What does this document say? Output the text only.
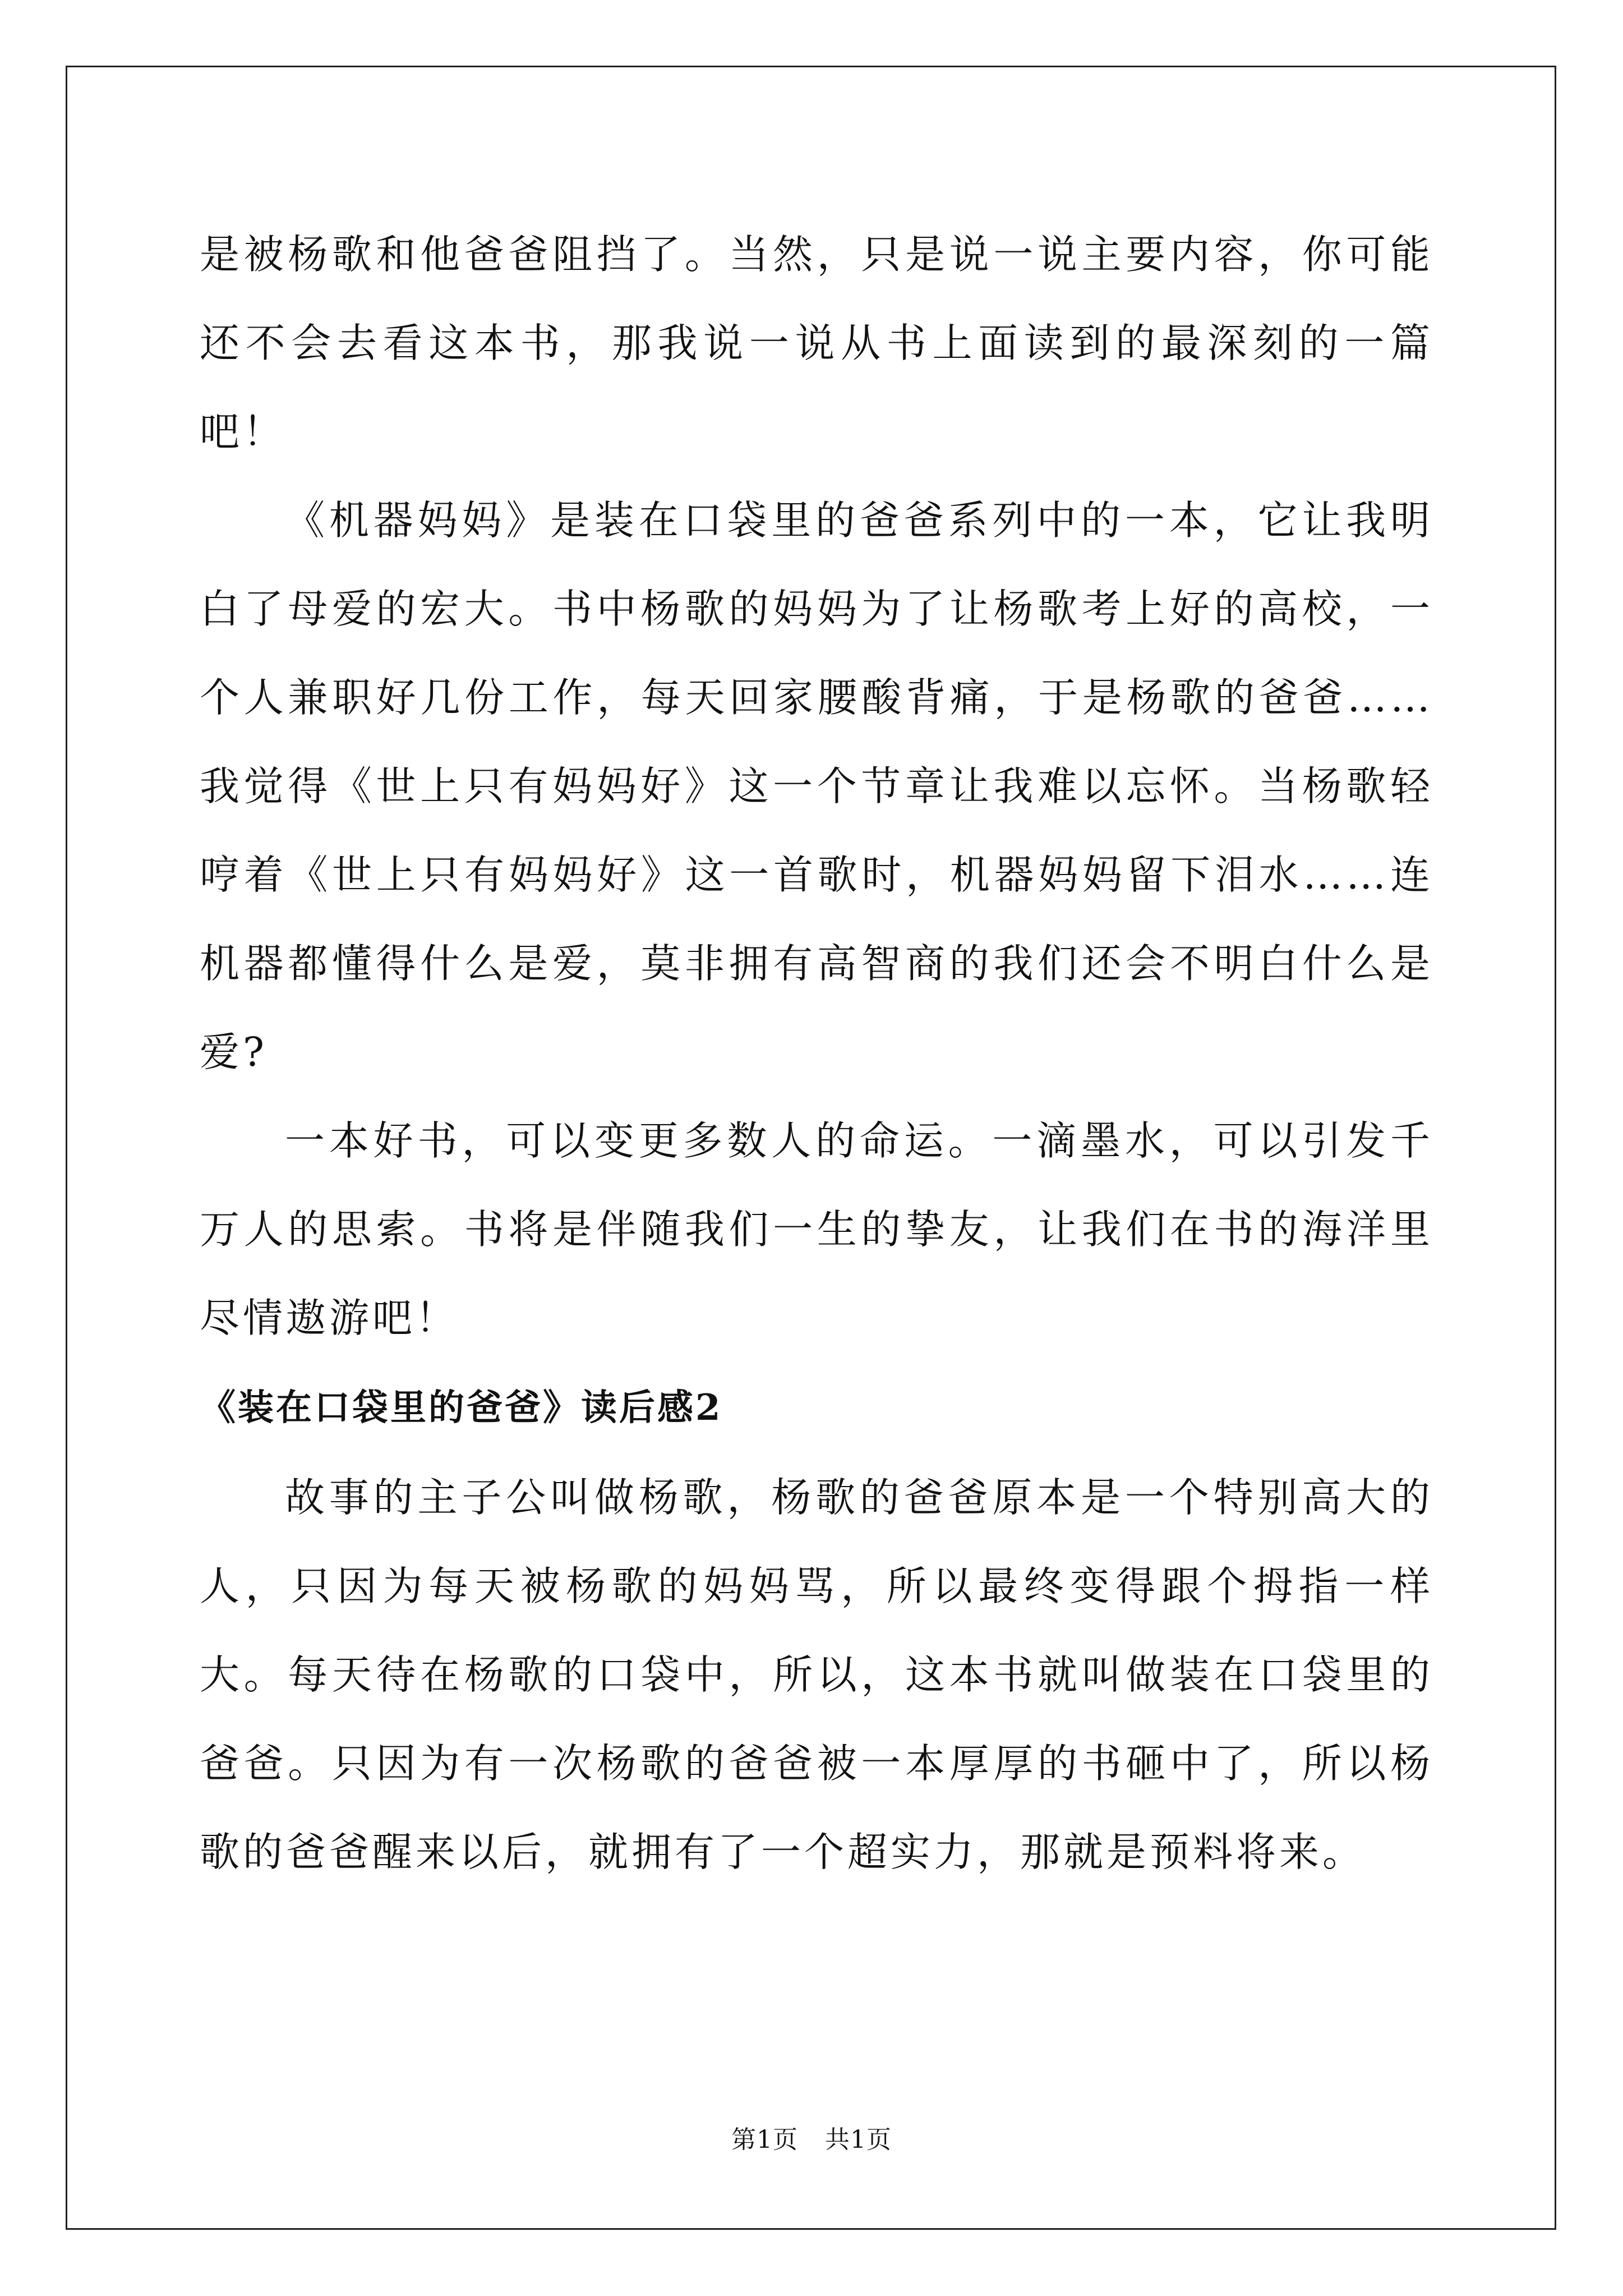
是被杨歌和他爸爸阻挡了。当然，只是说一说主要内容，你可能还不会去看这本书，那我说一说从书上面读到的最深刻的一篇吧！

《机器妈妈》是装在口袋里的爸爸系列中的一本，它让我明白了母爱的宏大。书中杨歌的妈妈为了让杨歌考上好的高校，一个人兼职好几份工作，每天回家腰酸背痛，于是杨歌的爸爸……我觉得《世上只有妈妈好》这一个节章让我难以忘怀。当杨歌轻哼着《世上只有妈妈好》这一首歌时，机器妈妈留下泪水……连机器都懂得什么是爱，莫非拥有高智商的我们还会不明白什么是爱?

一本好书，可以变更多数人的命运。一滴墨水，可以引发千万人的思索。书将是伴随我们一生的挚友，让我们在书的海洋里尽情遨游吧！

《装在口袋里的爸爸》读后感2

故事的主子公叫做杨歌，杨歌的爸爸原本是一个特别高大的人，只因为每天被杨歌的妈妈骂，所以最终变得跟个拇指一样大。每天待在杨歌的口袋中，所以，这本书就叫做装在口袋里的爸爸。只因为有一次杨歌的爸爸被一本厚厚的书砸中了，所以杨歌的爸爸醒来以后，就拥有了一个超实力，那就是预料将来。

第1页 共1页
